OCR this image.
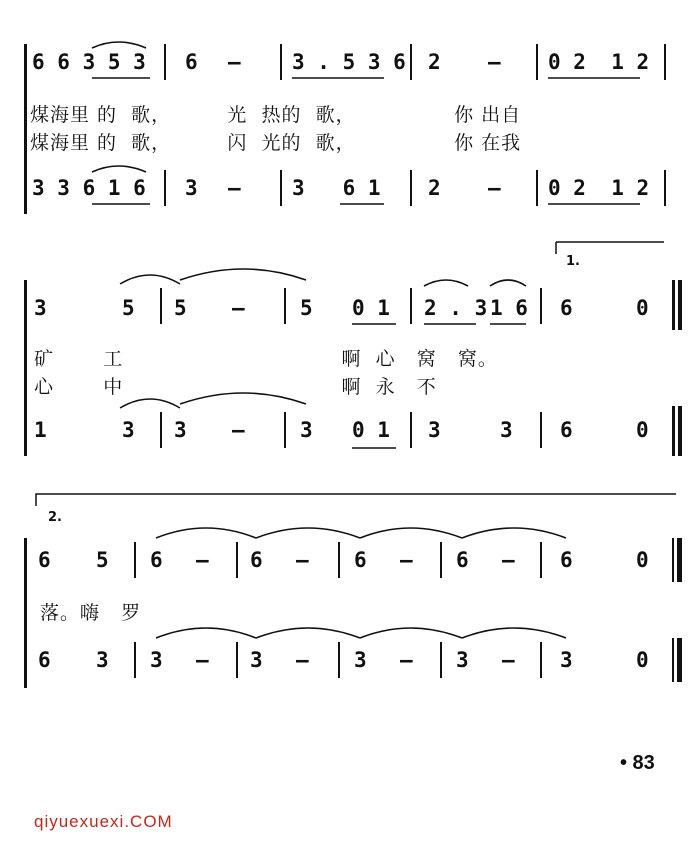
6 6 3 5 3 6 — 3 . 5 3 6 2 — 0 2  1 2
煤海里 的  歌，        光  热的  歌，              你 出自
煤海里 的  歌，        闪  光的  歌，              你 在我
3 3 6 1 6 3 — 3   6 1 2 — 0 2  1 2
1.
3	5 5 —	5 0 1 2 . 3 1 6 6	0
矿       工                               啊  心   窝   窝。
心       中                               啊  永   不
1	3 3 —	3 0 1 3	3 6	0
2.
6 5 6 — 6 — 6 — 6 — 6	0
落。嗨   罗
6 3 3 — 3 — 3 — 3 — 3	0
• 83
qiyuexuexi.COM
